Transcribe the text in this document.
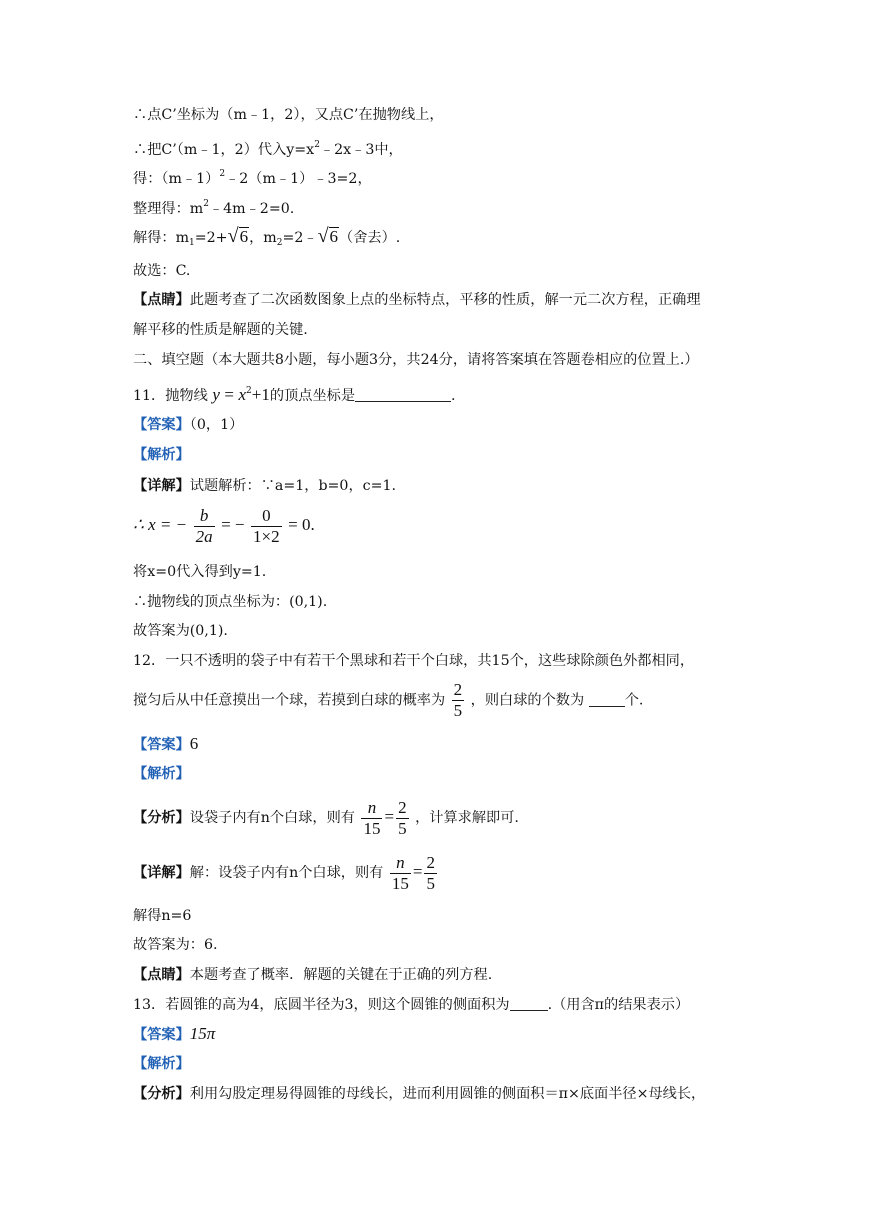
∴点C’坐标为（m﹣1，2），又点C’在抛物线上，
∴把C’（m﹣1，2）代入$y=x^2﹣2x﹣3$中，
得：（m﹣1）$^2$﹣2（m﹣1）﹣3=2，
整理得：$m^2﹣4m﹣2=0$.
解得：$m_1=2+√6$，$m_2=2﹣√6$（舍去）.
故选：C.
【点睛】此题考查了二次函数图象上点的坐标特点，平移的性质，解一元二次方程，正确理
解平移的性质是解题的关键.
二、填空题（本大题共8小题，每小题3分，共24分，请将答案填在答题卷相应的位置上.）
11．抛物线 $y = x^2+1$的顶点坐标是	.
【答案】（0，1）
【解析】
【详解】试题解析：∵a=1，b=0，c=1.
∴ x = − $\frac{b}{2a}$ = − $\frac{0}{1\times 2} = 0$.
将x=0代入得到y=1.
∴抛物线的顶点坐标为：(0,1).
故答案为(0,1).
12．一只不透明的袋子中有若干个黑球和若干个白球，共15个，这些球除颜色外都相同，
搅匀后从中任意摸出一个球，若摸到白球的概率为 $\frac{2}{5}$ ，则白球的个数为	个.
【答案】6
【解析】
【分析】设袋子内有n个白球，则有 $\frac{n}{15} = \frac{2}{5}$ ，计算求解即可.
【详解】解：设袋子内有n个白球，则有 $\frac{n}{15} = \frac{2}{5}$
解得n=6
故答案为：6.
【点睛】本题考查了概率．解题的关键在于正确的列方程.
13．若圆锥的高为4，底圆半径为3，则这个圆锥的侧面积为	.（用含π的结果表示）
【答案】15π
【解析】
【分析】利用勾股定理易得圆锥的母线长，进而利用圆锥的侧面积＝π×底面半径×母线长，
